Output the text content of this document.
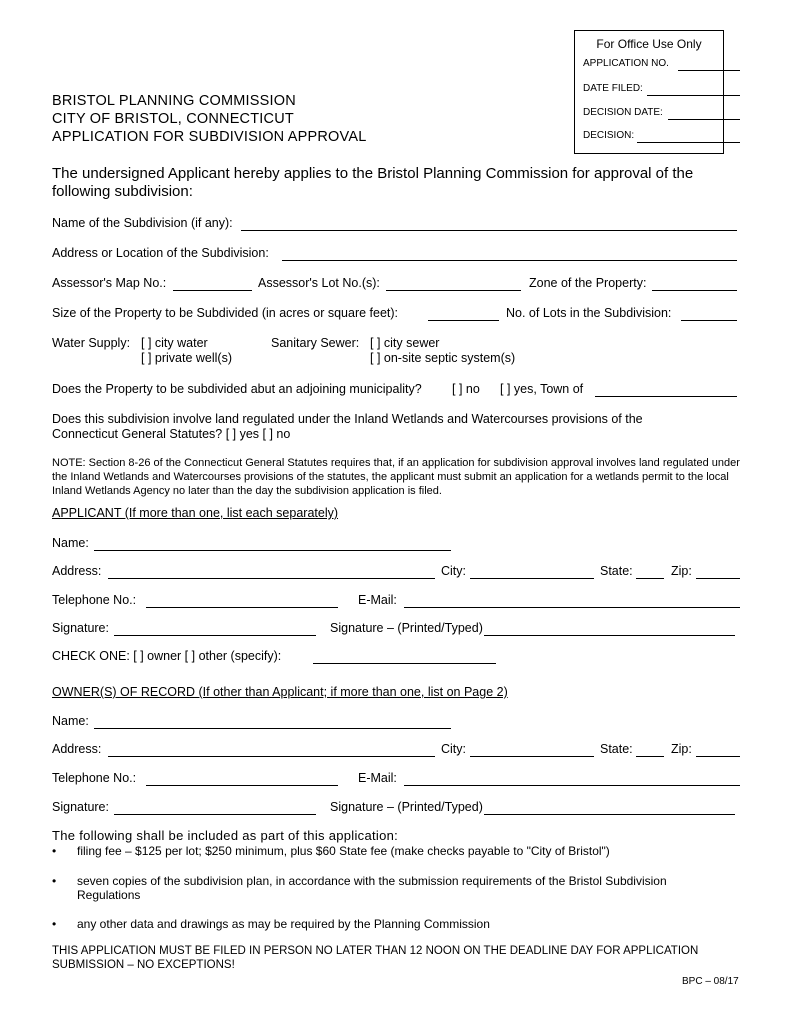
For Office Use Only
APPLICATION NO.
DATE FILED:
DECISION DATE:
DECISION:
BRISTOL PLANNING COMMISSION
CITY OF BRISTOL, CONNECTICUT
APPLICATION FOR SUBDIVISION APPROVAL
The undersigned Applicant hereby applies to the Bristol Planning Commission for approval of the
following subdivision:
Name of the Subdivision (if any):
Address or Location of the Subdivision:
Assessor's Map No.:	Assessor's Lot No.(s):	Zone of the Property:
Size of the Property to be Subdivided (in acres or square feet):	No. of Lots in the Subdivision:
Water Supply: [ ] city water
[ ] private well(s)
Sanitary Sewer: [ ] city sewer
[ ] on-site septic system(s)
Does the Property to be subdivided abut an adjoining municipality? [ ] no [ ] yes, Town of
Does this subdivision involve land regulated under the Inland Wetlands and Watercourses provisions of the
Connecticut General Statutes? [ ] yes [ ] no
NOTE: Section 8-26 of the Connecticut General Statutes requires that, if an application for subdivision approval involves land regulated under the Inland Wetlands and Watercourses provisions of the statutes, the applicant must submit an application for a wetlands permit to the local Inland Wetlands Agency no later than the day the subdivision application is filed.
APPLICANT (If more than one, list each separately)
Name:
Address:	City:	State:	Zip:
Telephone No.:	E-Mail:
Signature:	Signature – (Printed/Typed)
CHECK ONE: [ ] owner [ ] other (specify):
OWNER(S) OF RECORD (If other than Applicant; if more than one, list on Page 2)
Name:
Address:	City:	State:	Zip:
Telephone No.:	E-Mail:
Signature:	Signature – (Printed/Typed)
The following shall be included as part of this application:
• filing fee – $125 per lot; $250 minimum, plus $60 State fee (make checks payable to "City of Bristol")
• seven copies of the subdivision plan, in accordance with the submission requirements of the Bristol Subdivision
Regulations
• any other data and drawings as may be required by the Planning Commission
THIS APPLICATION MUST BE FILED IN PERSON NO LATER THAN 12 NOON ON THE DEADLINE DAY FOR APPLICATION
SUBMISSION – NO EXCEPTIONS!
BPC – 08/17
